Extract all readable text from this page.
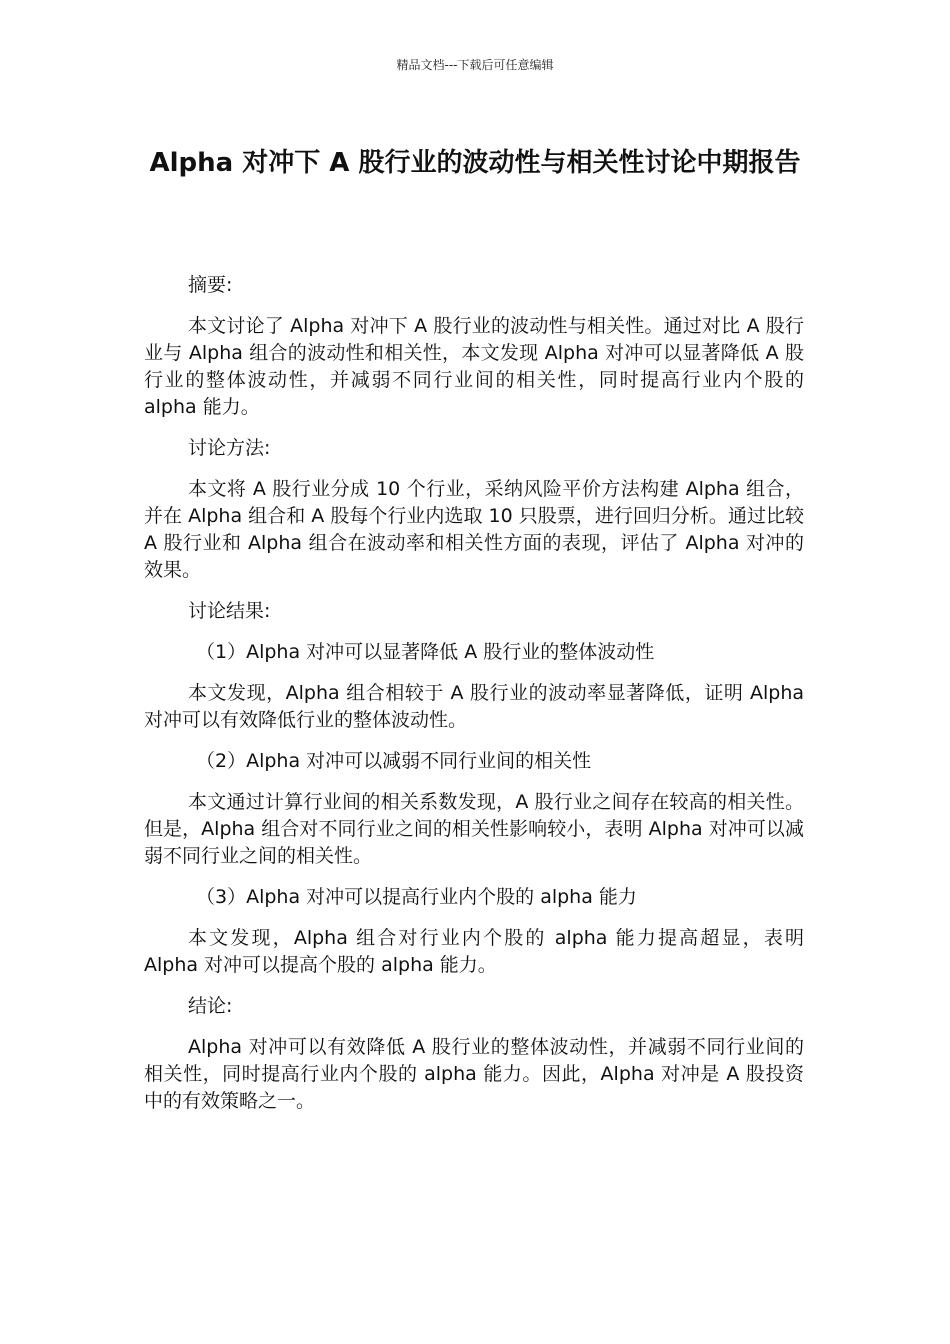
精品文档---下载后可任意编辑
Alpha 对冲下 A 股行业的波动性与相关性讨论中期报告

摘要:

本文讨论了 Alpha 对冲下 A 股行业的波动性与相关性。通过对比 A 股行业与 Alpha 组合的波动性和相关性，本文发现 Alpha 对冲可以显著降低 A 股行业的整体波动性，并减弱不同行业间的相关性，同时提高行业内个股的 alpha 能力。

讨论方法:

本文将 A 股行业分成 10 个行业，采纳风险平价方法构建 Alpha 组合，并在 Alpha 组合和 A 股每个行业内选取 10 只股票，进行回归分析。通过比较 A 股行业和 Alpha 组合在波动率和相关性方面的表现，评估了 Alpha 对冲的效果。

讨论结果:

（1）Alpha 对冲可以显著降低 A 股行业的整体波动性

本文发现，Alpha 组合相较于 A 股行业的波动率显著降低，证明 Alpha 对冲可以有效降低行业的整体波动性。

（2）Alpha 对冲可以减弱不同行业间的相关性

本文通过计算行业间的相关系数发现，A 股行业之间存在较高的相关性。但是，Alpha 组合对不同行业之间的相关性影响较小，表明 Alpha 对冲可以减弱不同行业之间的相关性。

（3）Alpha 对冲可以提高行业内个股的 alpha 能力

本文发现，Alpha 组合对行业内个股的 alpha 能力提高超显，表明 Alpha 对冲可以提高个股的 alpha 能力。

结论:

Alpha 对冲可以有效降低 A 股行业的整体波动性，并减弱不同行业间的相关性，同时提高行业内个股的 alpha 能力。因此，Alpha 对冲是 A 股投资中的有效策略之一。
